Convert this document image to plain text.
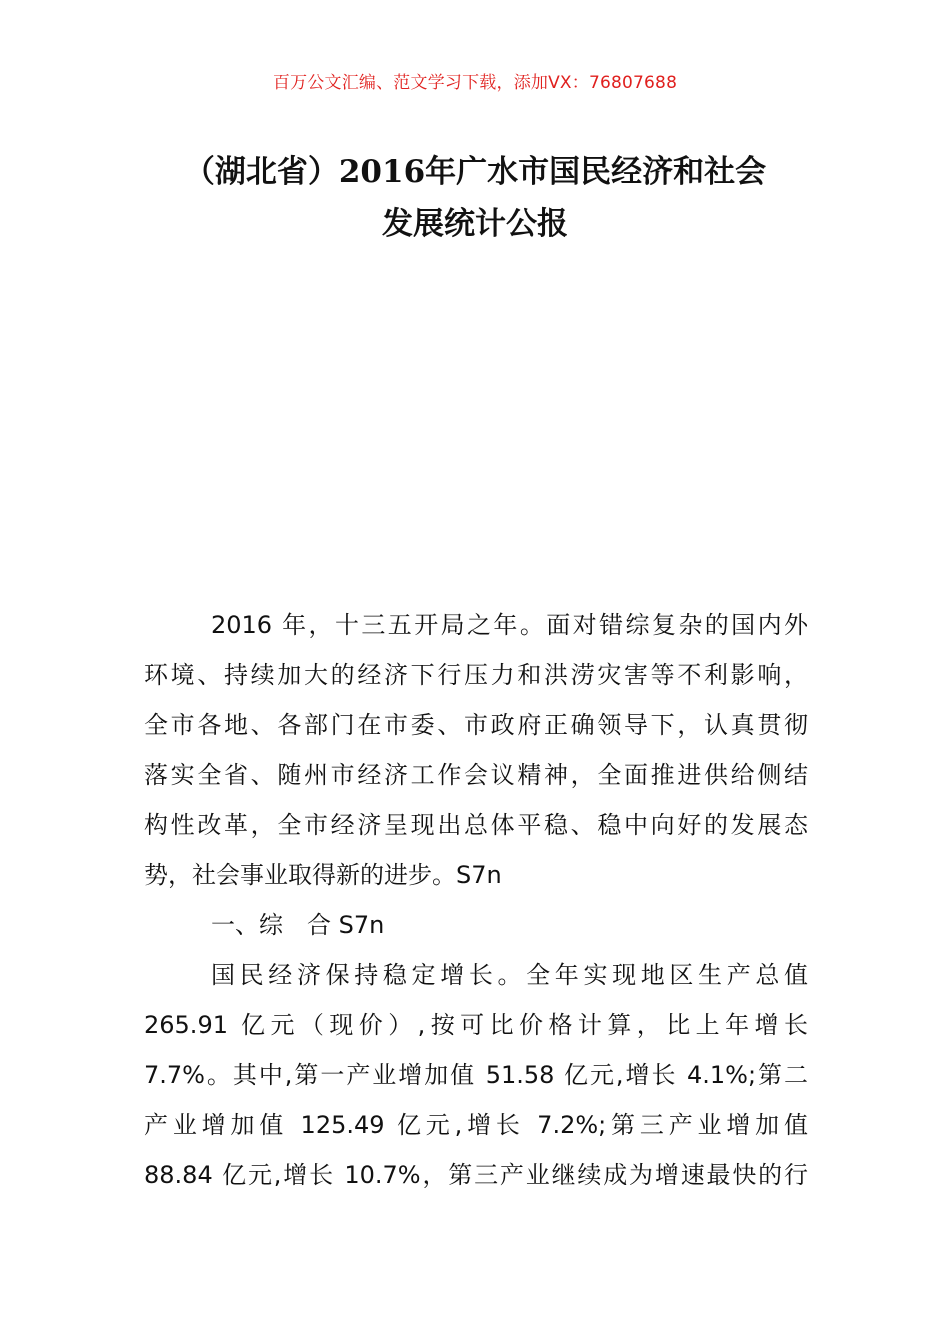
百万公文汇编、范文学习下载，添加VX：76807688
（湖北省）2016年广水市国民经济和社会
发展统计公报
2016 年，十三五开局之年。面对错综复杂的国内外
环境、持续加大的经济下行压力和洪涝灾害等不利影响，
全市各地、各部门在市委、市政府正确领导下，认真贯彻
落实全省、随州市经济工作会议精神，全面推进供给侧结
构性改革，全市经济呈现出总体平稳、稳中向好的发展态
势，社会事业取得新的进步。S7n
一、综　合 S7n
国民经济保持稳定增长。全年实现地区生产总值
265.91 亿元（现价）,按可比价格计算，比上年增长
7.7%。其中,第一产业增加值 51.58 亿元,增长 4.1%;第二
产业增加值 125.49 亿元,增长 7.2%;第三产业增加值
88.84 亿元,增长 10.7%，第三产业继续成为增速最快的行
